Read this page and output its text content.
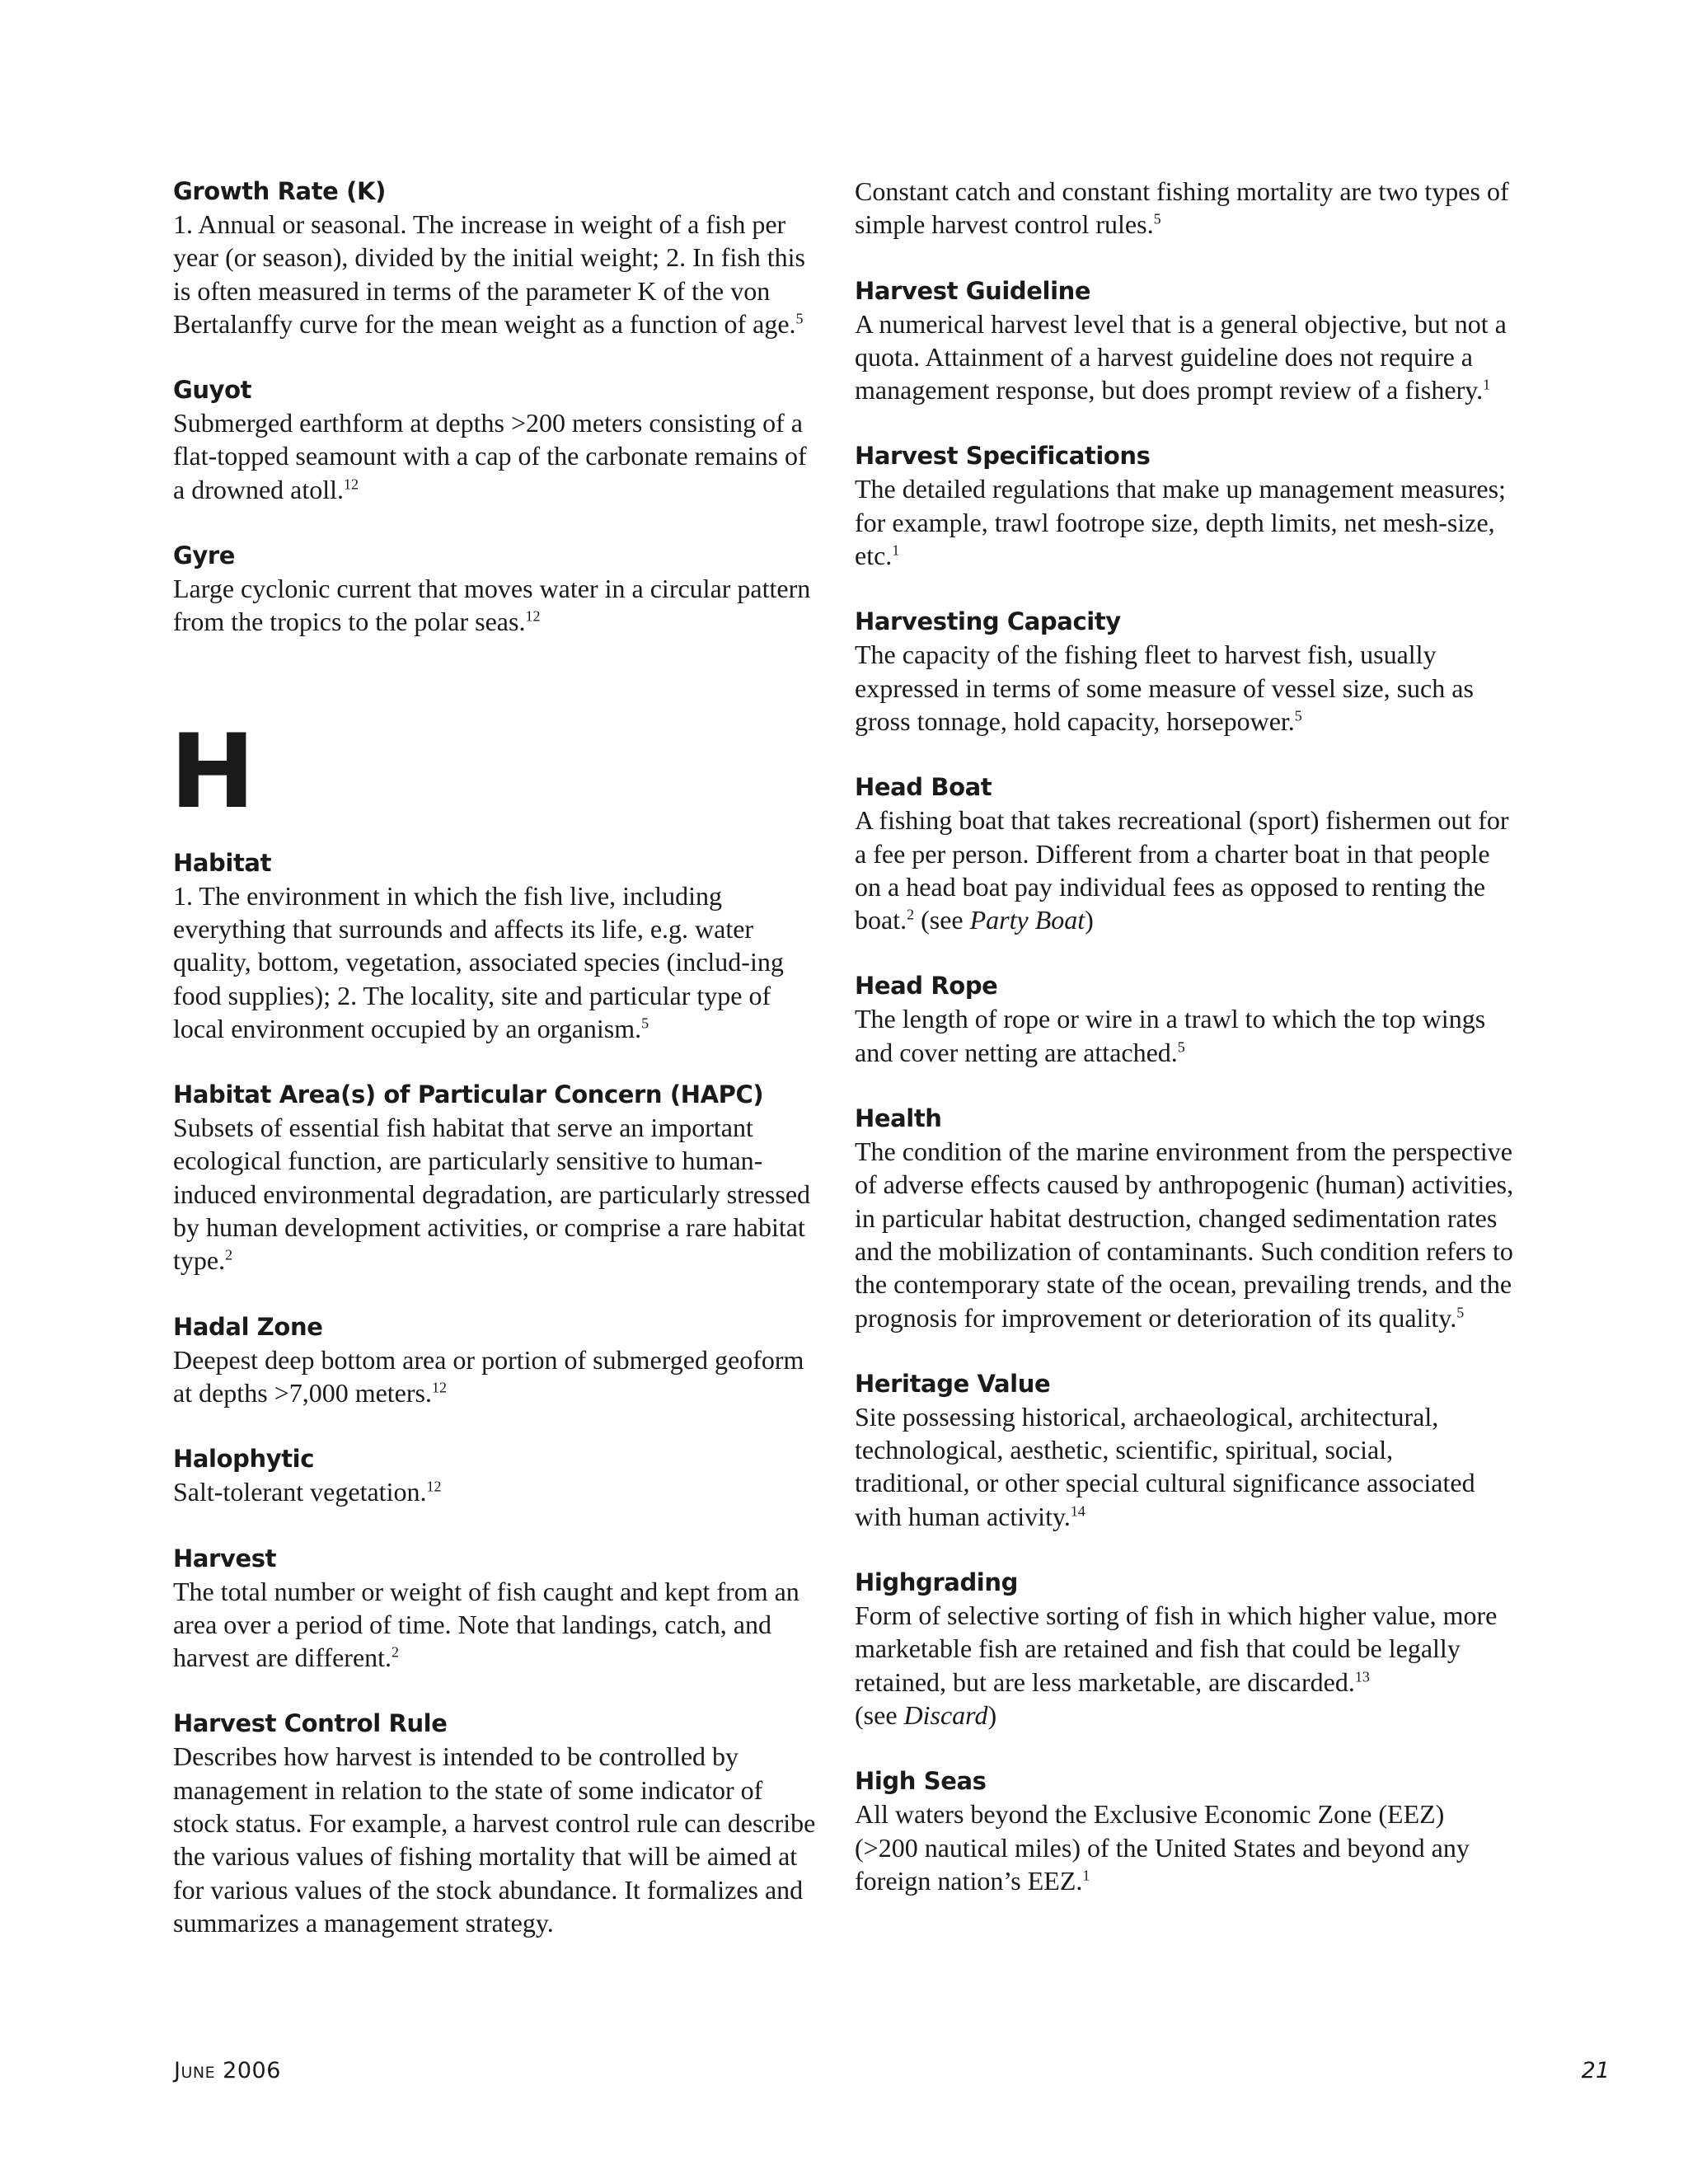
Growth Rate (K)
1. Annual or seasonal. The increase in weight of a fish per year (or season), divided by the initial weight; 2. In fish this is often measured in terms of the parameter K of the von Bertalanffy curve for the mean weight as a function of age.$^5$
Guyot
Submerged earthform at depths >200 meters consisting of a flat-topped seamount with a cap of the carbonate remains of a drowned atoll.$^{12}$
Gyre
Large cyclonic current that moves water in a circular pattern from the tropics to the polar seas.$^{12}$
H
Habitat
1. The environment in which the fish live, including everything that surrounds and affects its life, e.g. water quality, bottom, vegetation, associated species (includ-ing food supplies); 2. The locality, site and particular type of local environment occupied by an organism.$^5$
Habitat Area(s) of Particular Concern (HAPC)
Subsets of essential fish habitat that serve an important ecological function, are particularly sensitive to human-induced environmental degradation, are particularly stressed by human development activities, or comprise a rare habitat type.$^2$
Hadal Zone
Deepest deep bottom area or portion of submerged geoform at depths >7,000 meters.$^{12}$
Halophytic
Salt-tolerant vegetation.$^{12}$
Harvest
The total number or weight of fish caught and kept from an area over a period of time. Note that landings, catch, and harvest are different.$^2$
Harvest Control Rule
Describes how harvest is intended to be controlled by management in relation to the state of some indicator of stock status. For example, a harvest control rule can describe the various values of fishing mortality that will be aimed at for various values of the stock abundance. It formalizes and summarizes a management strategy.
Constant catch and constant fishing mortality are two types of simple harvest control rules.$^5$
Harvest Guideline
A numerical harvest level that is a general objective, but not a quota. Attainment of a harvest guideline does not require a management response, but does prompt review of a fishery.$^1$
Harvest Specifications
The detailed regulations that make up management measures; for example, trawl footrope size, depth limits, net mesh-size, etc.$^1$
Harvesting Capacity
The capacity of the fishing fleet to harvest fish, usually expressed in terms of some measure of vessel size, such as gross tonnage, hold capacity, horsepower.$^5$
Head Boat
A fishing boat that takes recreational (sport) fishermen out for a fee per person. Different from a charter boat in that people on a head boat pay individual fees as opposed to renting the boat.$^2$ (see Party Boat)
Head Rope
The length of rope or wire in a trawl to which the top wings and cover netting are attached.$^5$
Health
The condition of the marine environment from the perspective of adverse effects caused by anthropogenic (human) activities, in particular habitat destruction, changed sedimentation rates and the mobilization of contaminants. Such condition refers to the contemporary state of the ocean, prevailing trends, and the prognosis for improvement or deterioration of its quality.$^5$
Heritage Value
Site possessing historical, archaeological, architectural, technological, aesthetic, scientific, spiritual, social, traditional, or other special cultural significance associated with human activity.$^{14}$
Highgrading
Form of selective sorting of fish in which higher value, more marketable fish are retained and fish that could be legally retained, but are less marketable, are discarded.$^{13}$
(see Discard)
High Seas
All waters beyond the Exclusive Economic Zone (EEZ) (>200 nautical miles) of the United States and beyond any foreign nation’s EEZ.$^1$
June 2006	21
